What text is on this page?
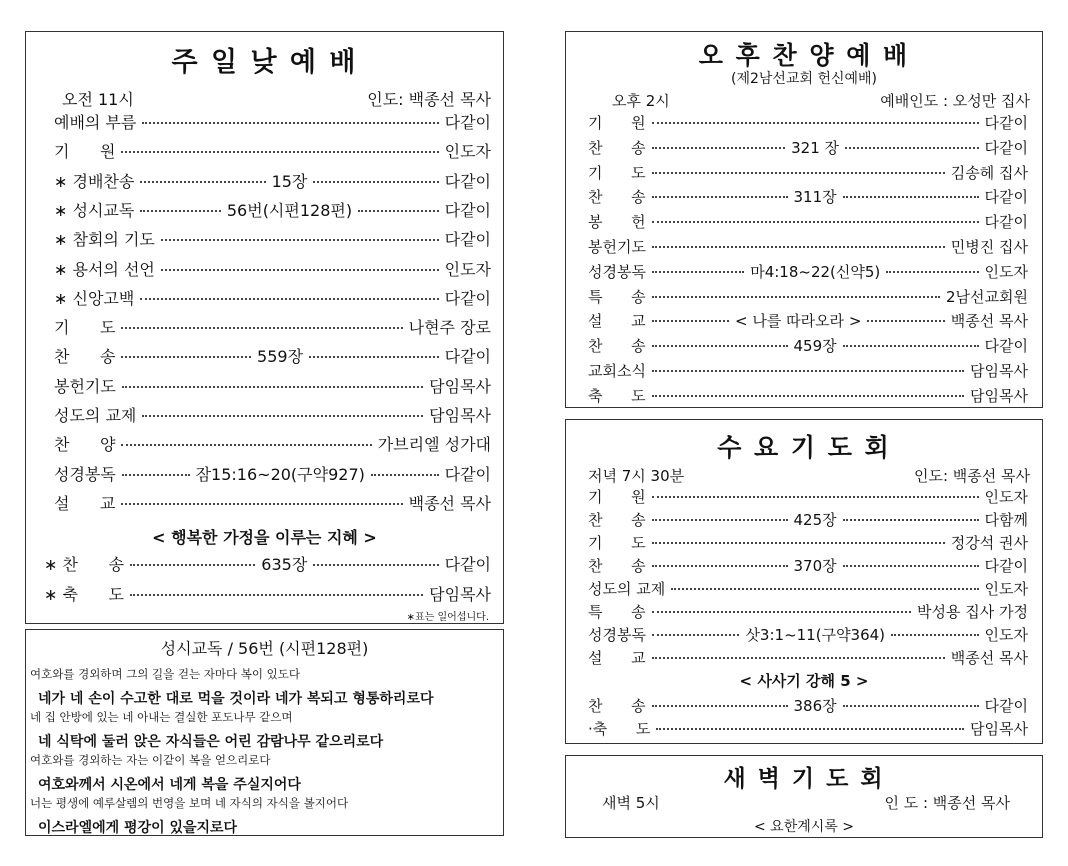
주 일 낮 예 배
오전 11시	인도: 백종선 목사
예배의 부름	다같이
기      원	인도자
∗ 경배찬송	15장	다같이
∗ 성시교독	56번(시편128편)	다같이
∗ 참회의 기도	다같이
∗ 용서의 선언	인도자
∗ 신앙고백	다같이
기      도	나현주 장로
찬      송	559장	다같이
봉헌기도	담임목사
성도의 교제	담임목사
찬      양	가브리엘 성가대
성경봉독	잠15:16~20(구약927)	다같이
설      교	백종선 목사
< 행복한 가정을 이루는 지혜 >
∗ 찬      송	635장	다같이
∗ 축      도	담임목사
∗표는 일어섭니다.
성시교독 / 56번 (시편128편)
여호와를 경외하며 그의 길을 걷는 자마다 복이 있도다
네가 네 손이 수고한 대로 먹을 것이라 네가 복되고 형통하리로다
네 집 안방에 있는 네 아내는 결실한 포도나무 같으며
네 식탁에 둘러 앉은 자식들은 어린 감람나무 같으리로다
여호와를 경외하는 자는 이같이 복을 얻으리로다
여호와께서 시온에서 네게 복을 주실지어다
너는 평생에 예루살렘의 번영을 보며 네 자식의 자식을 볼지어다
이스라엘에게 평강이 있을지로다
오 후 찬 양 예 배
(제2남선교회 헌신예배)
오후 2시	예배인도 : 오성만 집사
기      원	다같이
찬      송	321 장	다같이
기      도	김송헤 집사
찬      송	311장	다같이
봉      헌	다같이
봉헌기도	민병진 집사
성경봉독	마4:18~22(신약5)	인도자
특      송	2남선교회원
설      교	< 나를 따라오라 >	백종선 목사
찬      송	459장	다같이
교회소식	담임목사
축      도	담임목사
수 요 기 도 회
저녁 7시 30분	인도: 백종선 목사
기      원	인도자
찬      송	425장	다함께
기      도	정강석 권사
찬      송	370장	다같이
성도의 교제	인도자
특      송	박성용 집사 가정
성경봉독	삿3:1~11(구약364)	인도자
설      교	백종선 목사
< 사사기 강해 5 >
찬      송	386장	다같이
·축      도	담임목사
새 벽 기 도 회
새벽 5시	인 도 : 백종선 목사
< 요한계시록 >
